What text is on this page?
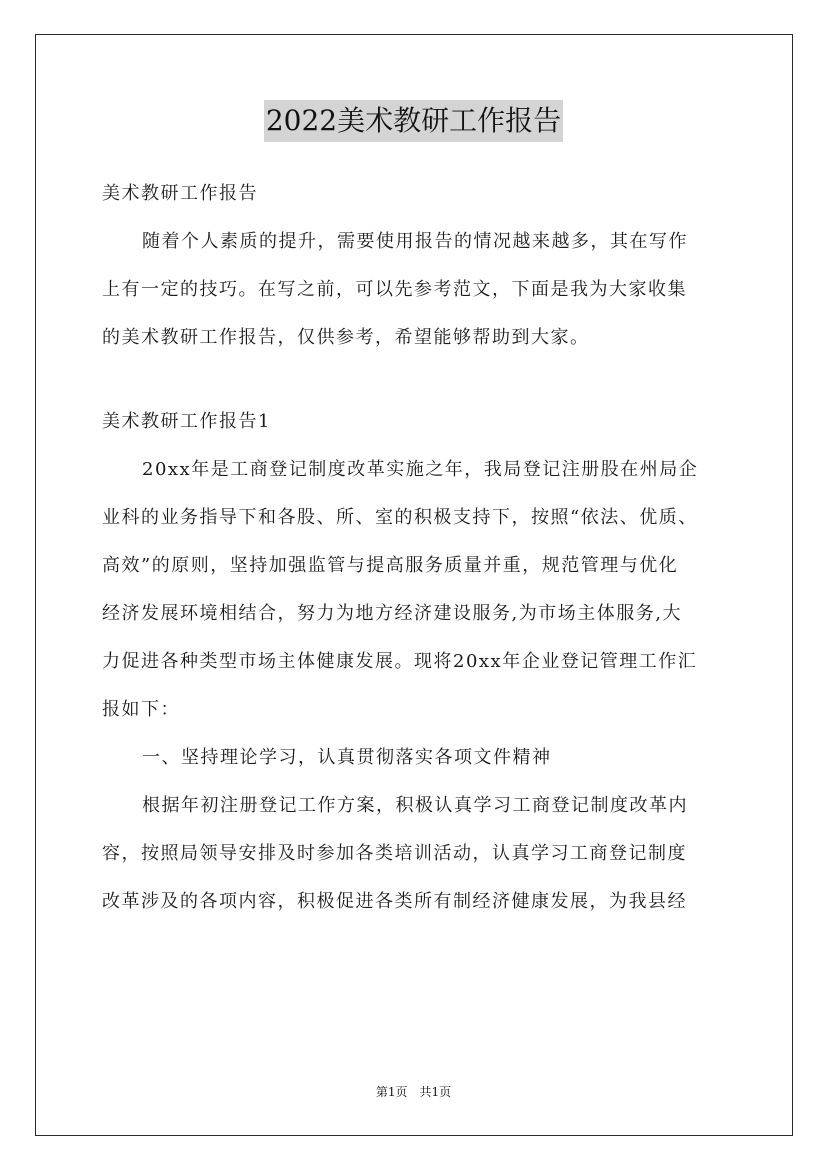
2022美术教研工作报告
美术教研工作报告
随着个人素质的提升，需要使用报告的情况越来越多，其在写作
上有一定的技巧。在写之前，可以先参考范文，下面是我为大家收集
的美术教研工作报告，仅供参考，希望能够帮助到大家。
美术教研工作报告1
20xx年是工商登记制度改革实施之年，我局登记注册股在州局企
业科的业务指导下和各股、所、室的积极支持下，按照“依法、优质、
高效”的原则，坚持加强监管与提高服务质量并重，规范管理与优化
经济发展环境相结合，努力为地方经济建设服务,为市场主体服务,大
力促进各种类型市场主体健康发展。现将20xx年企业登记管理工作汇
报如下：
一、坚持理论学习，认真贯彻落实各项文件精神
根据年初注册登记工作方案，积极认真学习工商登记制度改革内
容，按照局领导安排及时参加各类培训活动，认真学习工商登记制度
改革涉及的各项内容，积极促进各类所有制经济健康发展，为我县经
第1页　共1页
